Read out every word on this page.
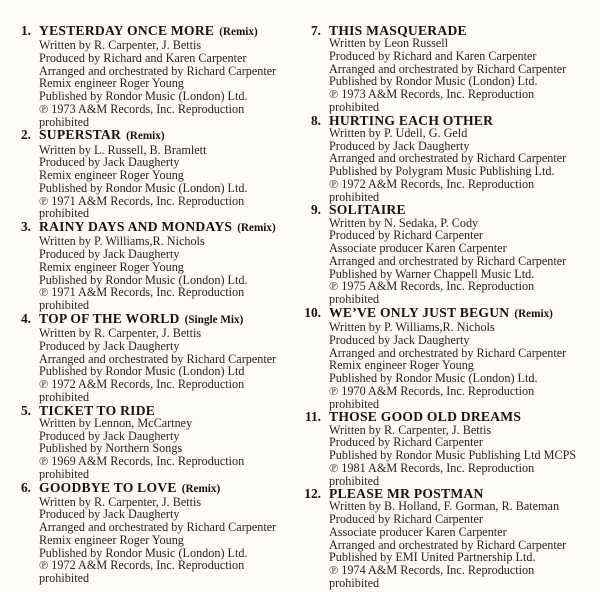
1. YESTERDAY ONCE MORE (Remix)
Written by R. Carpenter, J. Bettis
Produced by Richard and Karen Carpenter
Arranged and orchestrated by Richard Carpenter
Remix engineer Roger Young
Published by Rondor Music (London) Ltd.
℗ 1973 A&M Records, Inc. Reproduction
prohibited
2. SUPERSTAR (Remix)
Written by L. Russell, B. Bramlett
Produced by Jack Daugherty
Remix engineer Roger Young
Published by Rondor Music (London) Ltd.
℗ 1971 A&M Records, Inc. Reproduction
prohibited
3. RAINY DAYS AND MONDAYS (Remix)
Written by P. Williams,R. Nichols
Produced by Jack Daugherty
Remix engineer Roger Young
Published by Rondor Music (London) Ltd.
℗ 1971 A&M Records, Inc. Reproduction
prohibited
4. TOP OF THE WORLD (Single Mix)
Written by R. Carpenter, J. Bettis
Produced by Jack Daugherty
Arranged and orchestrated by Richard Carpenter
Published by Rondor Music (London) Ltd
℗ 1972 A&M Records, Inc. Reproduction
prohibited
5. TICKET TO RIDE
Written by Lennon, McCartney
Produced by Jack Daugherty
Published by Northern Songs
℗ 1969 A&M Records, Inc. Reproduction
prohibited
6. GOODBYE TO LOVE (Remix)
Written by R. Carpenter, J. Bettis
Produced by Jack Daugherty
Arranged and orchestrated by Richard Carpenter
Remix engineer Roger Young
Published by Rondor Music (London) Ltd.
℗ 1972 A&M Records, Inc. Reproduction
prohibited
7. THIS MASQUERADE
Written by Leon Russell
Produced by Richard and Karen Carpenter
Arranged and orchestrated by Richard Carpenter
Published by Rondor Music (London) Ltd.
℗ 1973 A&M Records, Inc. Reproduction
prohibited
8. HURTING EACH OTHER
Written by P. Udell, G. Geld
Produced by Jack Daugherty
Arranged and orchestrated by Richard Carpenter
Published by Polygram Music Publishing Ltd.
℗ 1972 A&M Records, Inc. Reproduction
prohibited
9. SOLITAIRE
Written by N. Sedaka, P. Cody
Produced by Richard Carpenter
Associate producer Karen Carpenter
Arranged and orchestrated by Richard Carpenter
Published by Warner Chappell Music Ltd.
℗ 1975 A&M Records, Inc. Reproduction
prohibited
10. WE’VE ONLY JUST BEGUN (Remix)
Written by P. Williams,R. Nichols
Produced by Jack Daugherty
Arranged and orchestrated by Richard Carpenter
Remix engineer Roger Young
Published by Rondor Music (London) Ltd.
℗ 1970 A&M Records, Inc. Reproduction
prohibited
11. THOSE GOOD OLD DREAMS
Written by R. Carpenter, J. Bettis
Produced by Richard Carpenter
Published by Rondor Music Publishing Ltd MCPS
℗ 1981 A&M Records, Inc. Reproduction
prohibited
12. PLEASE MR POSTMAN
Written by B. Holland, F. Gorman, R. Bateman
Produced by Richard Carpenter
Associate producer Karen Carpenter
Arranged and orchestrated by Richard Carpenter
Published by EMI United Partnership Ltd.
℗ 1974 A&M Records, Inc. Reproduction
prohibited
